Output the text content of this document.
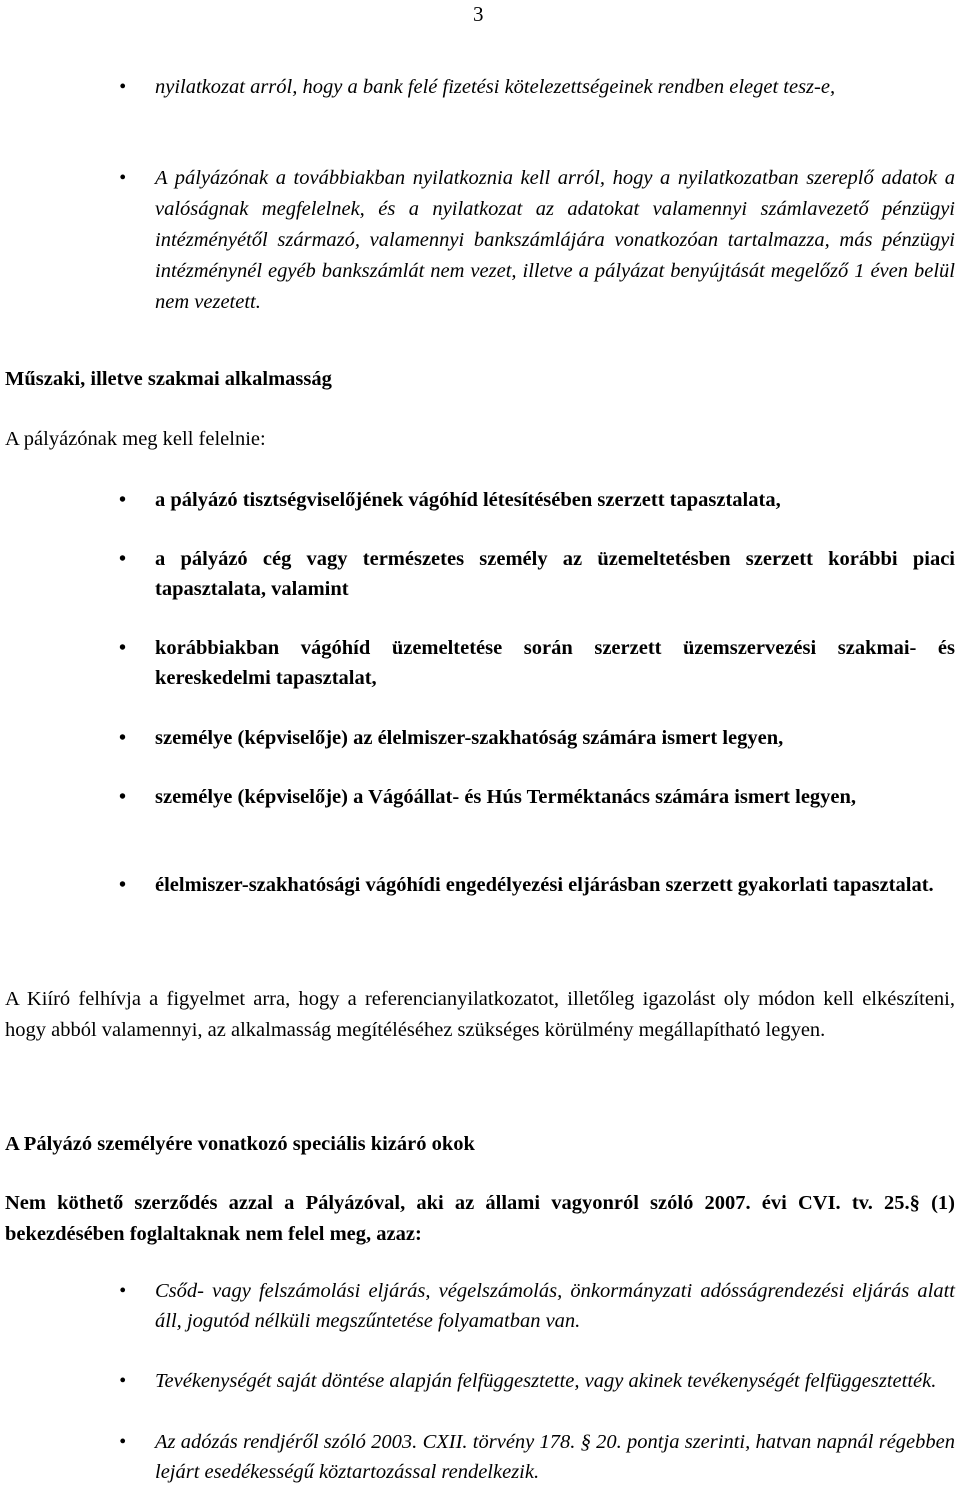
3
• nyilatkozat arról, hogy a bank felé fizetési kötelezettségeinek rendben eleget tesz-e,
• A pályázónak a továbbiakban nyilatkoznia kell arról, hogy a nyilatkozatban szereplő adatok a valóságnak megfelelnek, és a nyilatkozat az adatokat valamennyi számlavezető pénzügyi intézményétől származó, valamennyi bankszámlájára vonatkozóan tartalmazza, más pénzügyi intézménynél egyéb bankszámlát nem vezet, illetve a pályázat benyújtását megelőző 1 éven belül nem vezetett.
Műszaki, illetve szakmai alkalmasság
A pályázónak meg kell felelnie:
• a pályázó tisztségviselőjének vágóhíd létesítésében szerzett tapasztalata,
• a pályázó cég vagy természetes személy az üzemeltetésben szerzett korábbi piaci tapasztalata, valamint
• korábbiakban vágóhíd üzemeltetése során szerzett üzemszervezési szakmai- és kereskedelmi tapasztalat,
• személye (képviselője) az élelmiszer-szakhatóság számára ismert legyen,
• személye (képviselője) a Vágóállat- és Hús Terméktanács számára ismert legyen,
• élelmiszer-szakhatósági vágóhídi engedélyezési eljárásban szerzett gyakorlati tapasztalat.
A Kiíró felhívja a figyelmet arra, hogy a referencianyilatkozatot, illetőleg igazolást oly módon kell elkészíteni, hogy abból valamennyi, az alkalmasság megítéléséhez szükséges körülmény megállapítható legyen.
A Pályázó személyére vonatkozó speciális kizáró okok
Nem köthető szerződés azzal a Pályázóval, aki az állami vagyonról szóló 2007. évi CVI. tv. 25.§ (1) bekezdésében foglaltaknak nem felel meg, azaz:
• Csőd- vagy felszámolási eljárás, végelszámolás, önkormányzati adósságrendezési eljárás alatt áll, jogutód nélküli megszűntetése folyamatban van.
• Tevékenységét saját döntése alapján felfüggesztette, vagy akinek tevékenységét felfüggesztették.
• Az adózás rendjéről szóló 2003. CXII. törvény 178. § 20. pontja szerinti, hatvan napnál régebben lejárt esedékességű köztartozással rendelkezik.
